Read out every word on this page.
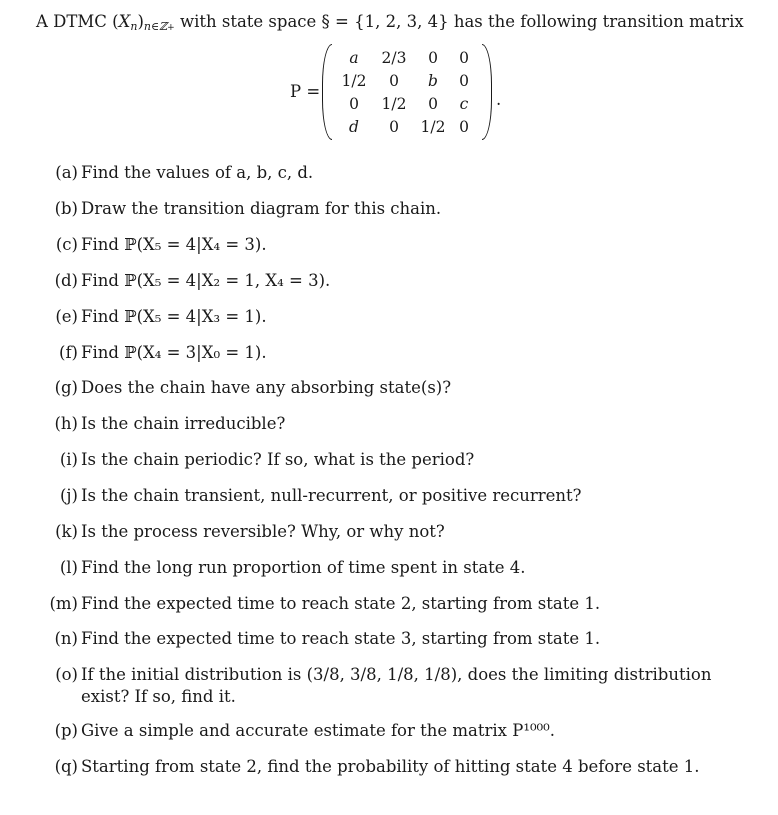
A DTMC $(X_n)_{n\in ℤ+}$ with state space § = {1, 2, 3, 4} has the following transition matrix
P =
a 2/3 0 0
1/2 0 b 0
0 1/2 0 c
d 0 1/2 0
.
(a) Find the values of a, b, c, d.
(b) Draw the transition diagram for this chain.
(c) Find ℙ(X₅ = 4|X₄ = 3).
(d) Find ℙ(X₅ = 4|X₂ = 1, X₄ = 3).
(e) Find ℙ(X₅ = 4|X₃ = 1).
(f) Find ℙ(X₄ = 3|X₀ = 1).
(g) Does the chain have any absorbing state(s)?
(h) Is the chain irreducible?
(i) Is the chain periodic? If so, what is the period?
(j) Is the chain transient, null-recurrent, or positive recurrent?
(k) Is the process reversible? Why, or why not?
(l) Find the long run proportion of time spent in state 4.
(m) Find the expected time to reach state 2, starting from state 1.
(n) Find the expected time to reach state 3, starting from state 1.
(o) If the initial distribution is (3/8, 3/8, 1/8, 1/8), does the limiting distribution exist? If so, find it.
(p) Give a simple and accurate estimate for the matrix P¹⁰⁰⁰.
(q) Starting from state 2, find the probability of hitting state 4 before state 1.
